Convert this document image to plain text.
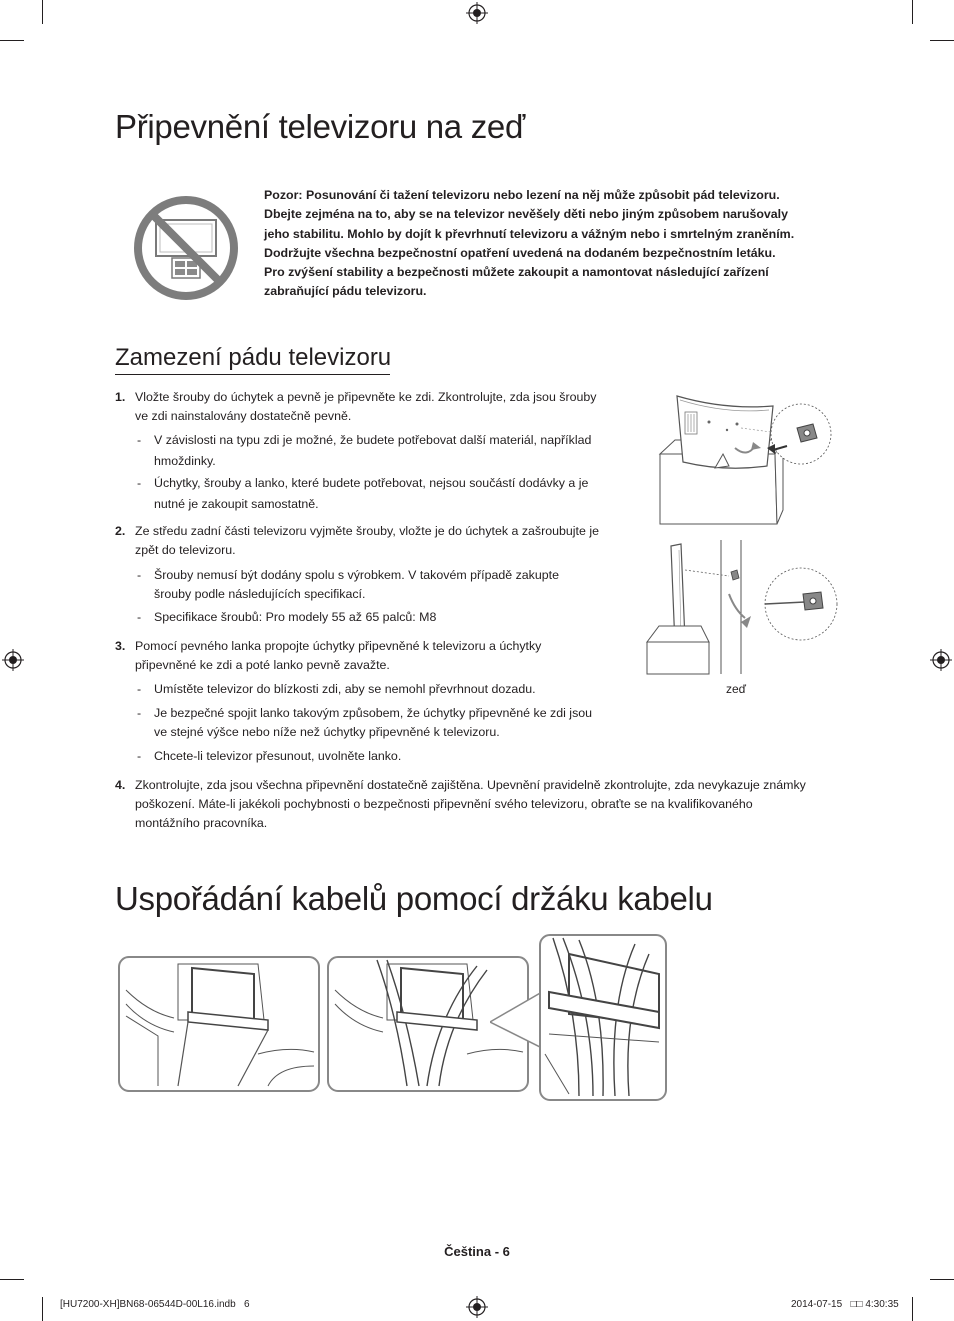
Připevnění televizoru na zeď
Pozor: Posunování či tažení televizoru nebo lezení na něj může způsobit pád televizoru.
Dbejte zejména na to, aby se na televizor nevěšely děti nebo jiným způsobem narušovaly
jeho stabilitu. Mohlo by dojít k převrhnutí televizoru a vážným nebo i smrtelným zraněním.
Dodržujte všechna bezpečnostní opatření uvedená na dodaném bezpečnostním letáku.
Pro zvýšení stability a bezpečnosti můžete zakoupit a namontovat následující zařízení
zabraňující pádu televizoru.
Zamezení pádu televizoru
1. Vložte šrouby do úchytek a pevně je připevněte ke zdi. Zkontrolujte, zda jsou šrouby
ve zdi nainstalovány dostatečně pevně.
- V závislosti na typu zdi je možné, že budete potřebovat další materiál, například
hmoždinky.
- Úchytky, šrouby a lanko, které budete potřebovat, nejsou součástí dodávky a je
nutné je zakoupit samostatně.
2. Ze středu zadní části televizoru vyjměte šrouby, vložte je do úchytek a zašroubujte je
zpět do televizoru.
- Šrouby nemusí být dodány spolu s výrobkem. V takovém případě zakupte
šrouby podle následujících specifikací.
- Specifikace šroubů: Pro modely 55 až 65 palců: M8
3. Pomocí pevného lanka propojte úchytky připevněné k televizoru a úchytky
připevněné ke zdi a poté lanko pevně zavažte.
- Umístěte televizor do blízkosti zdi, aby se nemohl převrhnout dozadu.
- Je bezpečné spojit lanko takovým způsobem, že úchytky připevněné ke zdi jsou
ve stejné výšce nebo níže než úchytky připevněné k televizoru.
- Chcete-li televizor přesunout, uvolněte lanko.
4. Zkontrolujte, zda jsou všechna připevnění dostatečně zajištěna. Upevnění pravidelně zkontrolujte, zda nevykazuje známky
poškození. Máte-li jakékoli pochybnosti o bezpečnosti připevnění svého televizoru, obraťte se na kvalifikovaného
montážního pracovníka.
zeď
Uspořádání kabelů pomocí držáku kabelu
Čeština - 6
[HU7200-XH]BN68-06544D-00L16.indb   6	2014-07-15   □□ 4:30:35
